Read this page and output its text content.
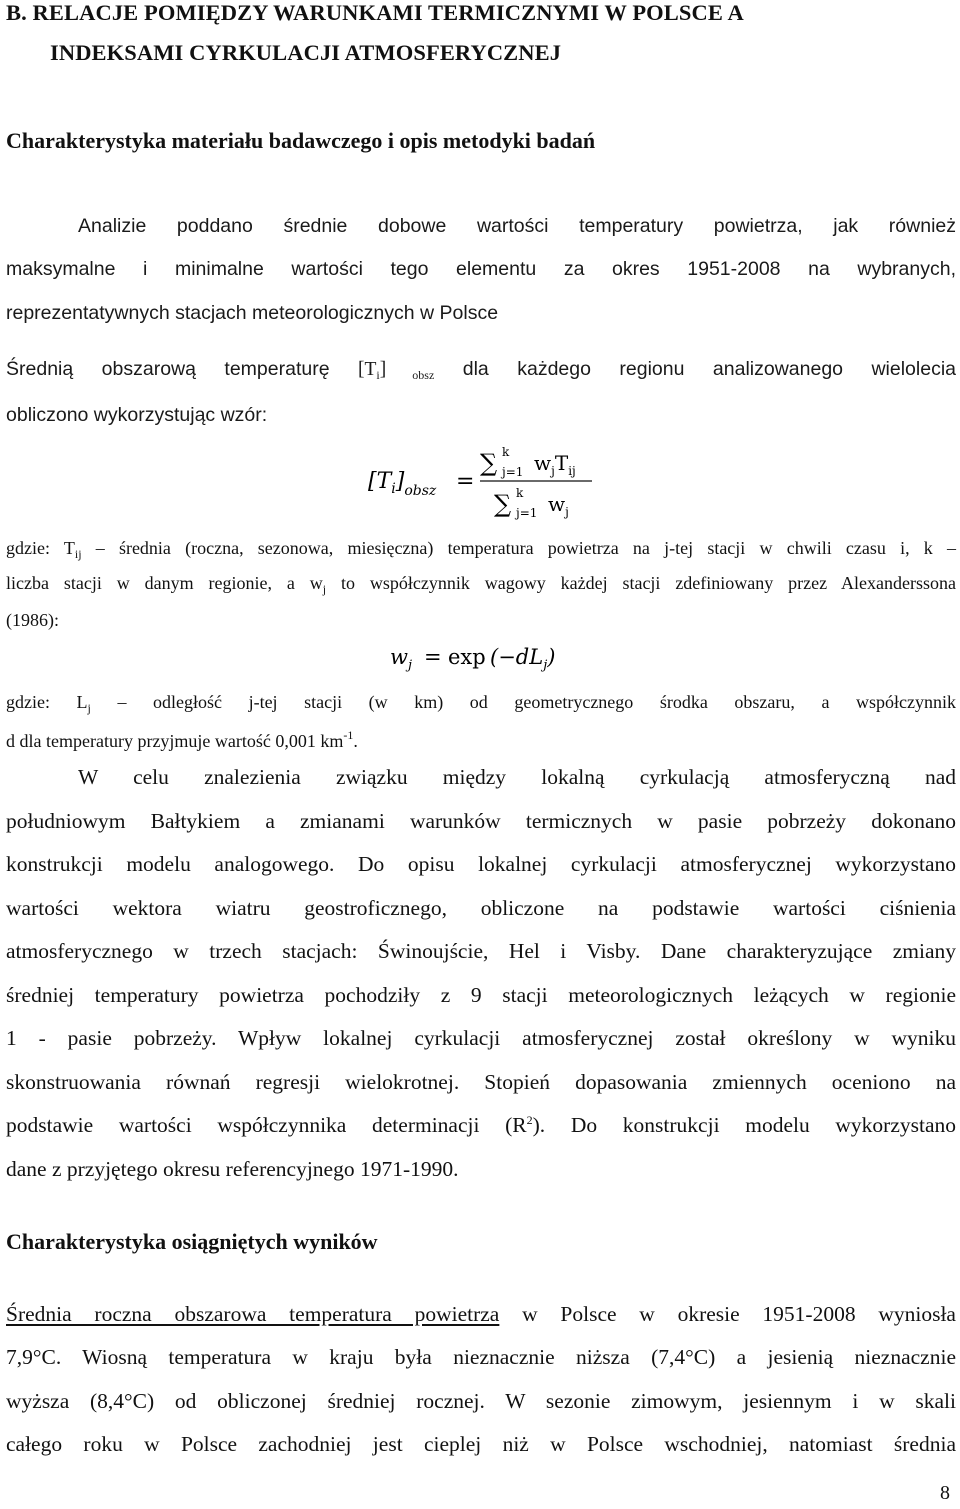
B. RELACJE POMIĘDZY WARUNKAMI TERMICZNYMI W POLSCE A
INDEKSAMI CYRKULACJI ATMOSFERYCZNEJ
Charakterystyka materiału badawczego i opis metodyki badań
Analizie poddano średnie dobowe wartości temperatury powietrza, jak również
maksymalne i minimalne wartości tego elementu za okres 1951-2008 na wybranych,
reprezentatywnych stacjach meteorologicznych w Polsce
Średnią obszarową temperaturę $[T_i]$ $_{obsz}$ dla każdego regionu analizowanego wielolecia
obliczono wykorzystując wzór:
$[T_i]_{obsz}$ =
∑ k
j=1 $w_jT_{ij}$
∑ k
j=1 $w_j$
gdzie: $T_{ij}$ – średnia (roczna, sezonowa, miesięczna) temperatura powietrza na j-tej stacji w chwili czasu i, k –
liczba stacji w danym regionie, a $w_j$ to współczynnik wagowy każdej stacji zdefiniowany przez Alexanderssona
(1986):
$w_j = \exp (-dL_j)$
gdzie: $L_j$ – odległość j-tej stacji (w km) od geometrycznego środka obszaru, a współczynnik
d dla temperatury przyjmuje wartość 0,001 $km^{-1}$.
W celu znalezienia związku między lokalną cyrkulacją atmosferyczną nad
południowym Bałtykiem a zmianami warunków termicznych w pasie pobrzeży dokonano
konstrukcji modelu analogowego. Do opisu lokalnej cyrkulacji atmosferycznej wykorzystano
wartości wektora wiatru geostroficznego, obliczone na podstawie wartości ciśnienia
atmosferycznego w trzech stacjach: Świnoujście, Hel i Visby. Dane charakteryzujące zmiany
średniej temperatury powietrza pochodziły z 9 stacji meteorologicznych leżących w regionie
1 - pasie pobrzeży. Wpływ lokalnej cyrkulacji atmosferycznej został określony w wyniku
skonstruowania równań regresji wielokrotnej. Stopień dopasowania zmiennych oceniono na
podstawie wartości współczynnika determinacji $(R^2)$. Do konstrukcji modelu wykorzystano
dane z przyjętego okresu referencyjnego 1971-1990.
Charakterystyka osiągniętych wyników
Średnia roczna obszarowa temperatura powietrza w Polsce w okresie 1951-2008 wyniosła
7,9°C. Wiosną temperatura w kraju była nieznacznie niższa (7,4°C) a jesienią nieznacznie
wyższa (8,4°C) od obliczonej średniej rocznej. W sezonie zimowym, jesiennym i w skali
całego roku w Polsce zachodniej jest cieplej niż w Polsce wschodniej, natomiast średnia
8
